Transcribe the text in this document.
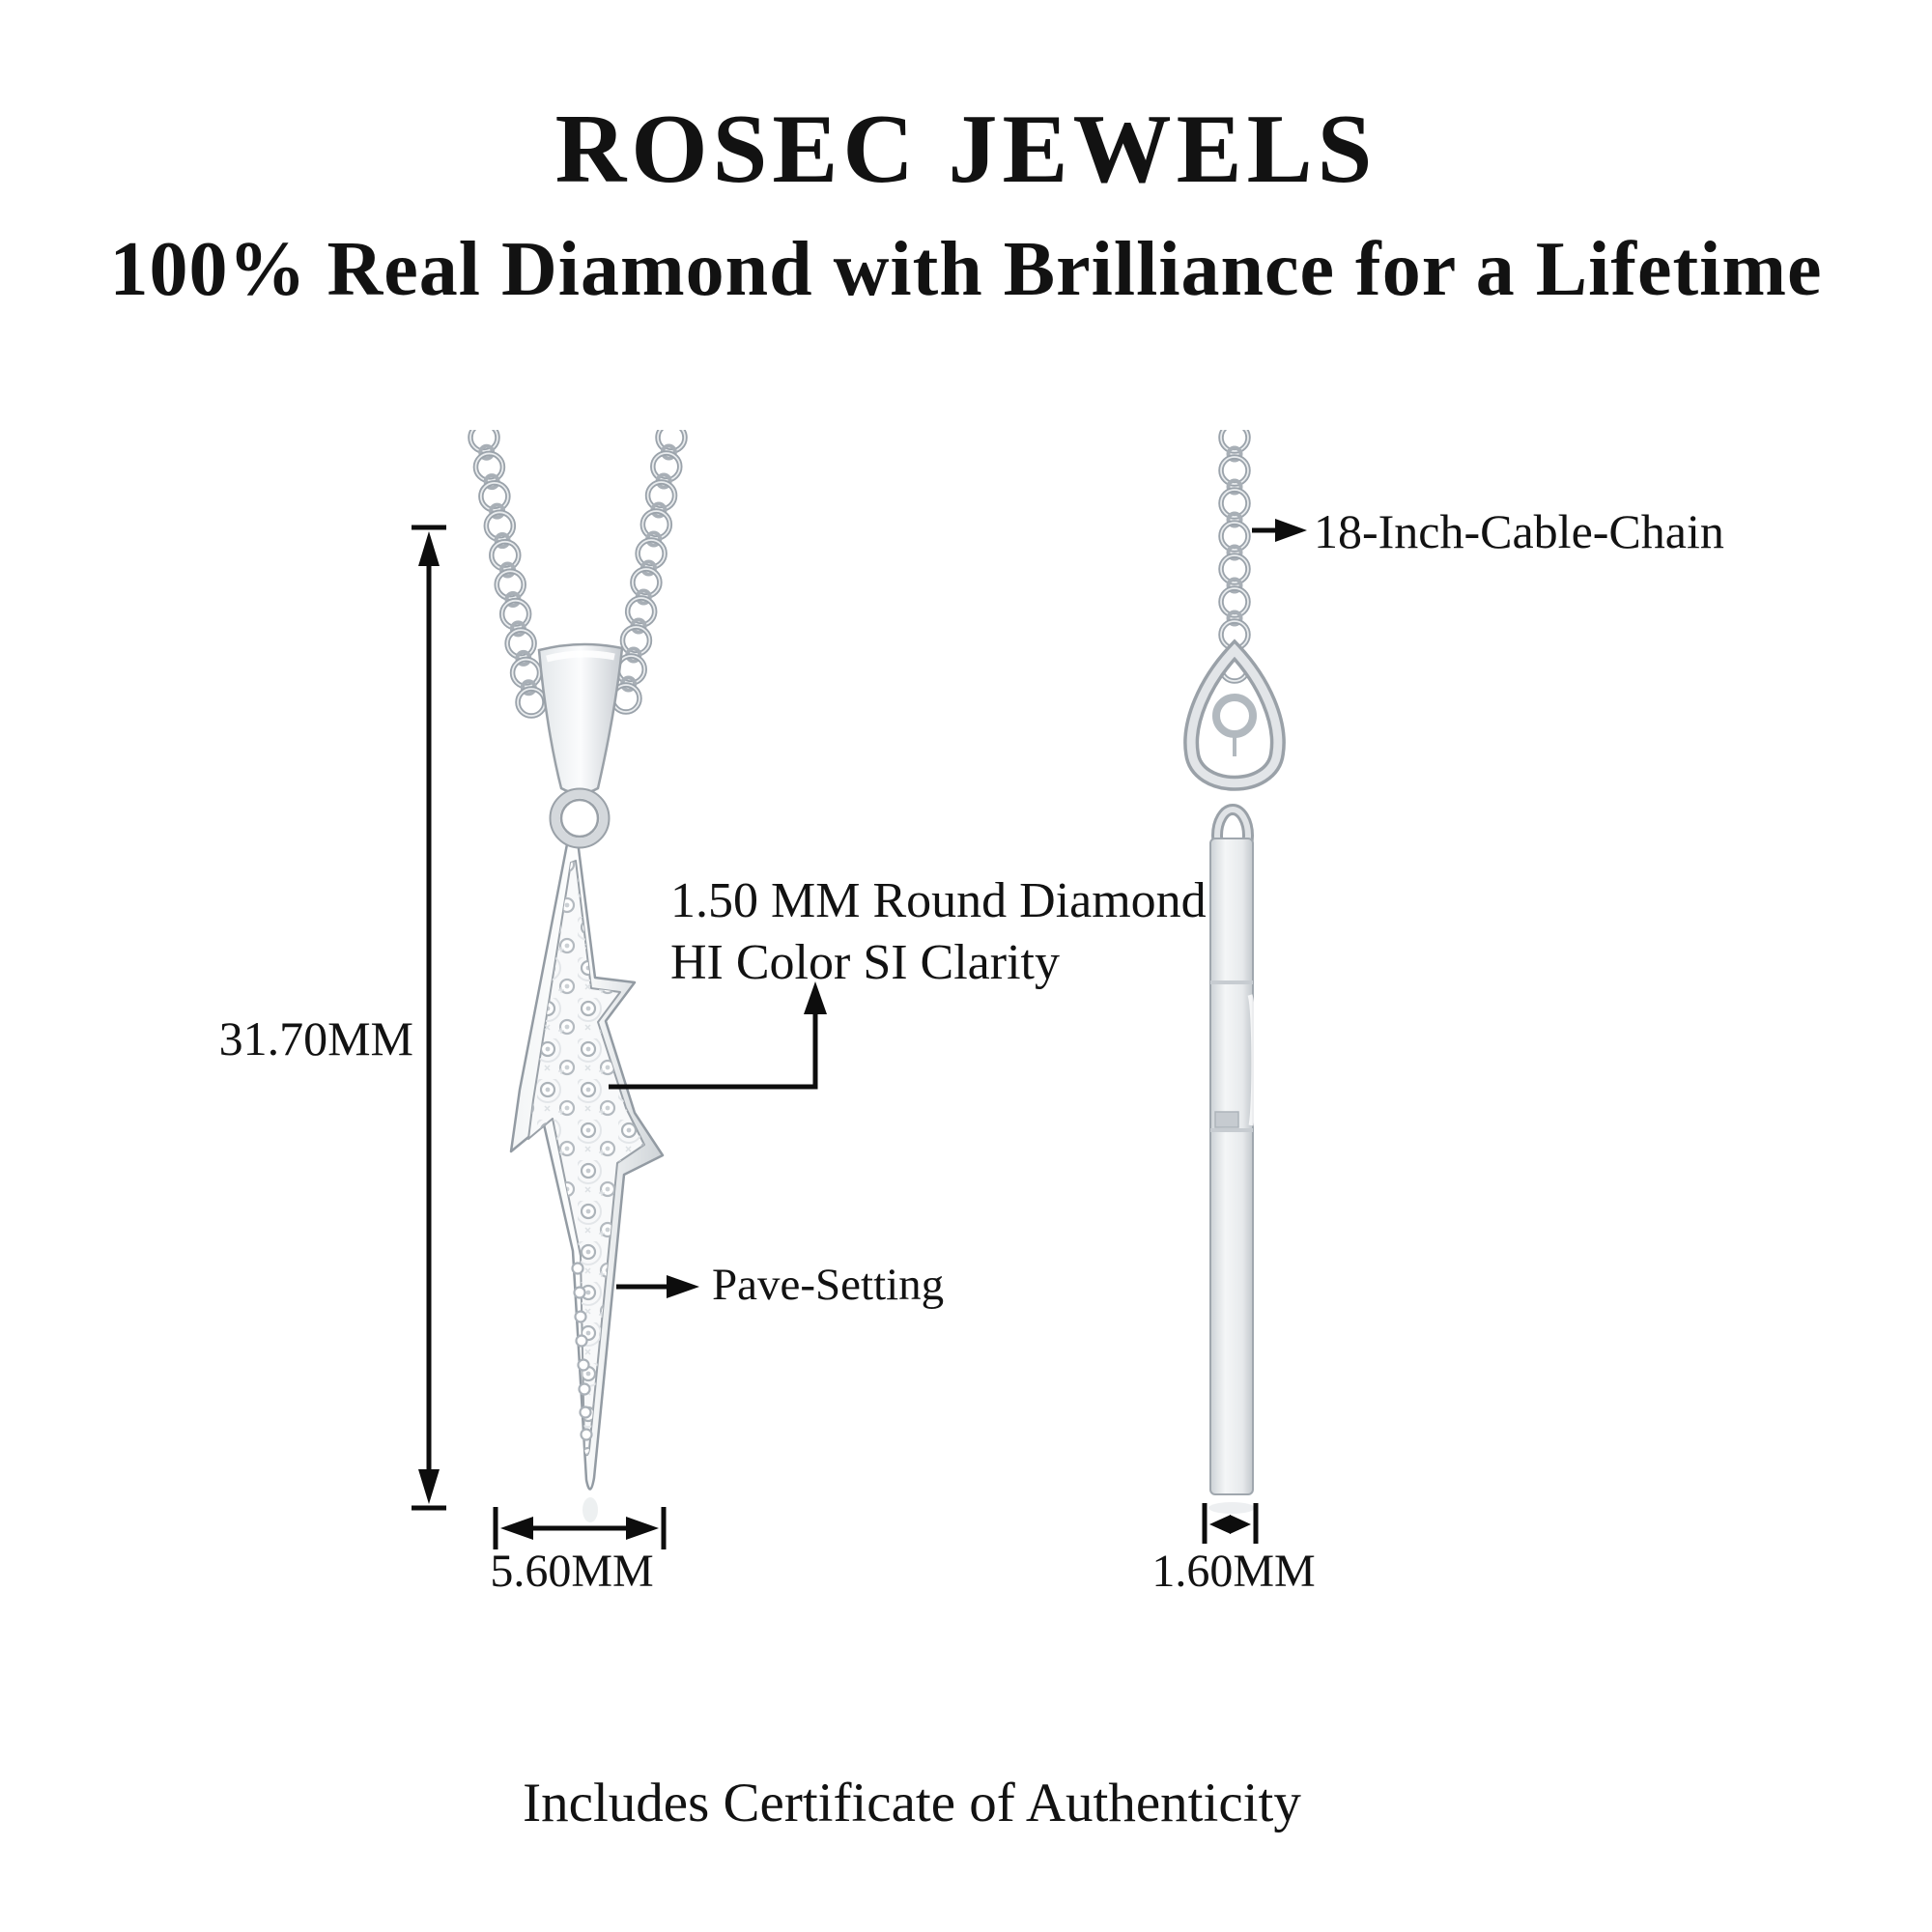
ROSEC JEWELS
100% Real Diamond with Brilliance for a Lifetime
31.70MM
1.50 MM Round Diamond
HI Color SI Clarity
Pave-Setting
18-Inch-Cable-Chain
5.60MM	1.60MM
Includes Certificate of Authenticity
